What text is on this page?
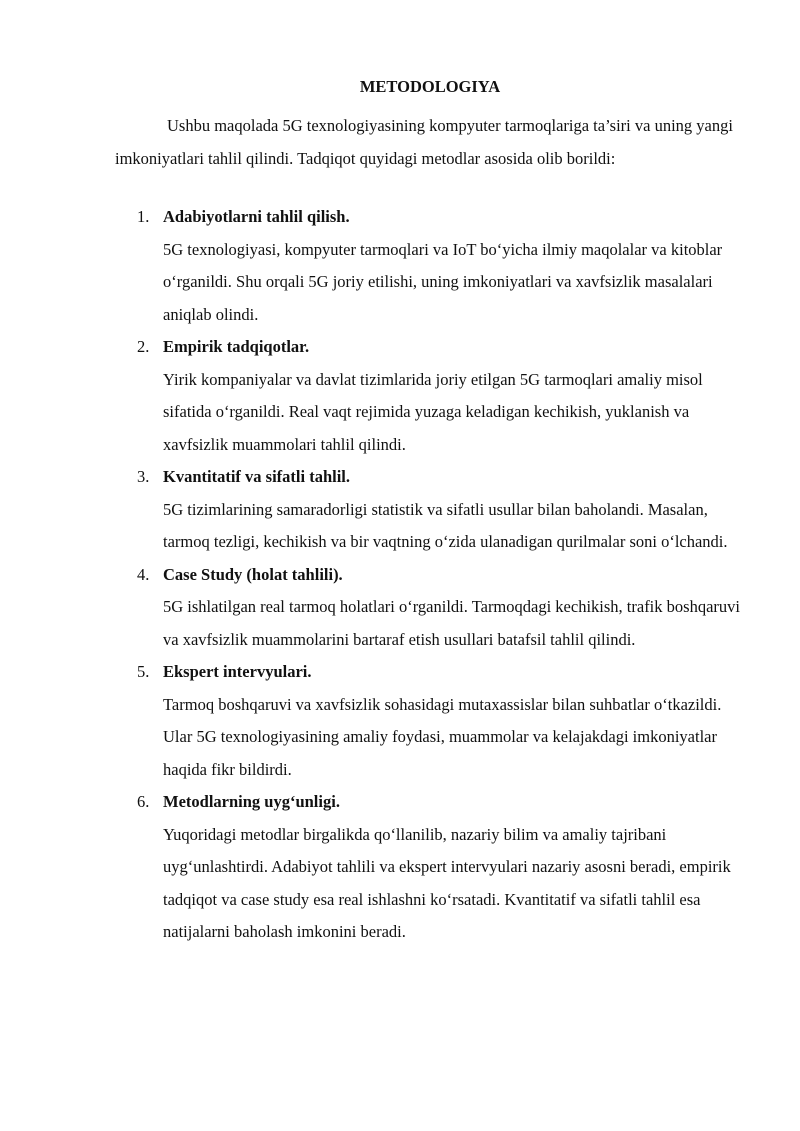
METODOLOGIYA

Ushbu maqolada 5G texnologiyasining kompyuter tarmoqlariga ta’siri va uning yangi imkoniyatlari tahlil qilindi. Tadqiqot quyidagi metodlar asosida olib borildi:

1. Adabiyotlarni tahlil qilish.

5G texnologiyasi, kompyuter tarmoqlari va IoT bo‘yicha ilmiy maqolalar va kitoblar o‘rganildi. Shu orqali 5G joriy etilishi, uning imkoniyatlari va xavfsizlik masalalari aniqlab olindi.

2. Empirik tadqiqotlar.

Yirik kompaniyalar va davlat tizimlarida joriy etilgan 5G tarmoqlari amaliy misol sifatida o‘rganildi. Real vaqt rejimida yuzaga keladigan kechikish, yuklanish va xavfsizlik muammolari tahlil qilindi.

3. Kvantitatif va sifatli tahlil.

5G tizimlarining samaradorligi statistik va sifatli usullar bilan baholandi. Masalan, tarmoq tezligi, kechikish va bir vaqtning o‘zida ulanadigan qurilmalar soni o‘lchandi.

4. Case Study (holat tahlili).

5G ishlatilgan real tarmoq holatlari o‘rganildi. Tarmoqdagi kechikish, trafik boshqaruvi va xavfsizlik muammolarini bartaraf etish usullari batafsil tahlil qilindi.

5. Ekspert intervyulari.

Tarmoq boshqaruvi va xavfsizlik sohasidagi mutaxassislar bilan suhbatlar o‘tkazildi. Ular 5G texnologiyasining amaliy foydasi, muammolar va kelajakdagi imkoniyatlar haqida fikr bildirdi.

6. Metodlarning uyg‘unligi.

Yuqoridagi metodlar birgalikda qo‘llanilib, nazariy bilim va amaliy tajribani uyg‘unlashtirdi. Adabiyot tahlili va ekspert intervyulari nazariy asosni beradi, empirik tadqiqot va case study esa real ishlashni ko‘rsatadi. Kvantitatif va sifatli tahlil esa natijalarni baholash imkonini beradi.
